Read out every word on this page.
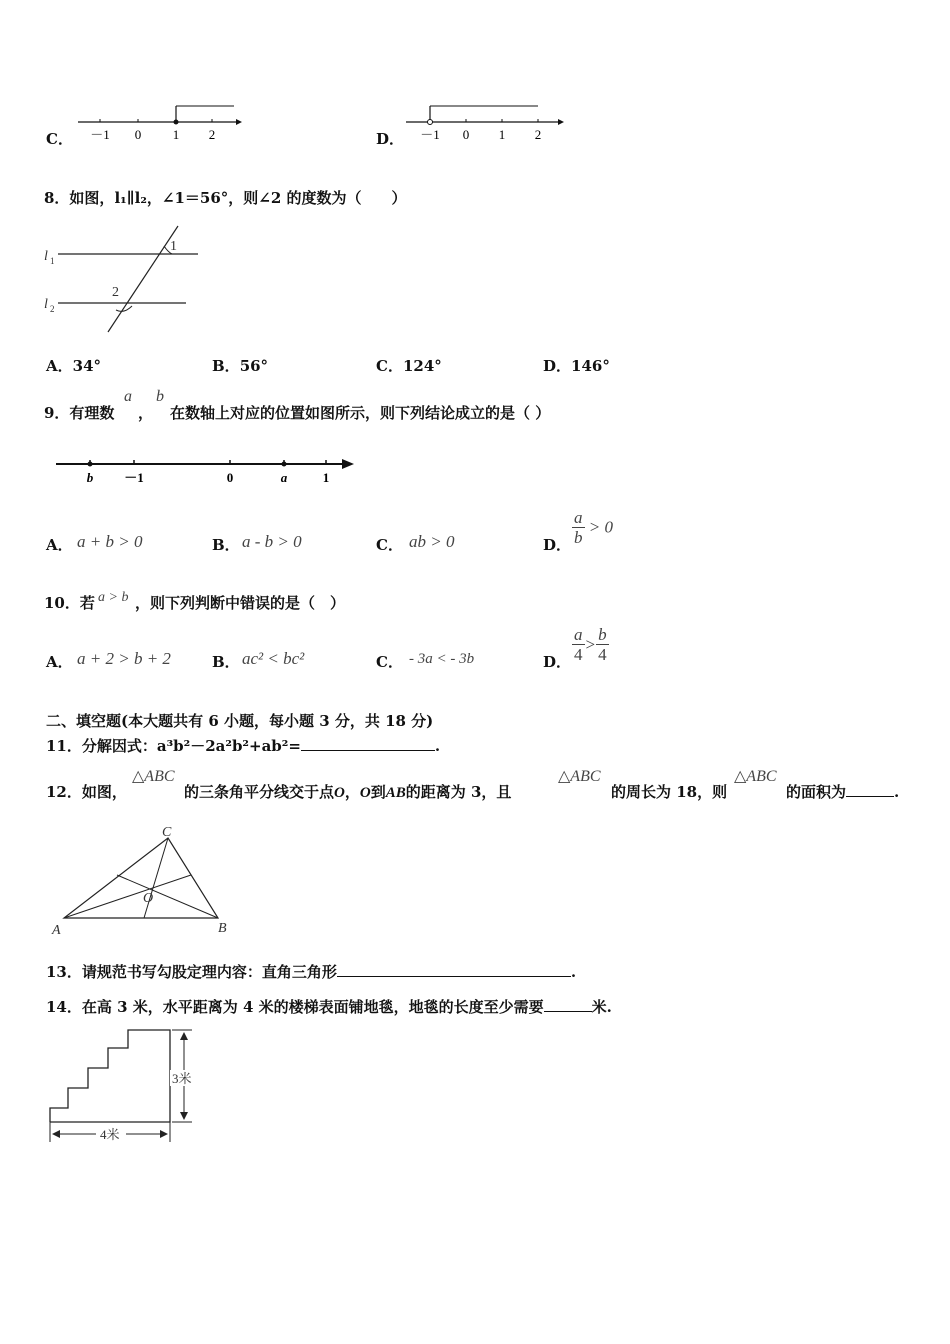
C． －1 0 1 2	D． －1 0 1 2
8．如图，l₁∥l₂，∠1＝56°，则∠2 的度数为（　　）
l 1
l 2
1
2
A．34°	B．56°	C．124°	D．146°
9．有理数
a
，
b
在数轴上对应的位置如图所示，则下列结论成立的是（ ）
b －1	0	a	1
A． a + b > 0	B． a - b > 0	C． ab > 0	D． $\frac{a}{b} > 0$
10．若 a > b ，则下列判断中错误的是（　）
A． a + 2 > b + 2	B． ac² < bc²	C． - 3a < - 3b	D． $\frac{a}{4} > \frac{b}{4}$
二、填空题(本大题共有 6 小题，每小题 3 分，共 18 分)
11．分解因式：a³b²－2a²b²+ab²=	.
12．如图，
△ABC
的三条角平分线交于点O，O到AB的距离为 3，且
△ABC
的周长为 18，则
△ABC
的面积为	.
A	B
C
O
13．请规范书写勾股定理内容：直角三角形	.
14．在高 3 米，水平距离为 4 米的楼梯表面铺地毯，地毯的长度至少需要	米.
3米
4米
